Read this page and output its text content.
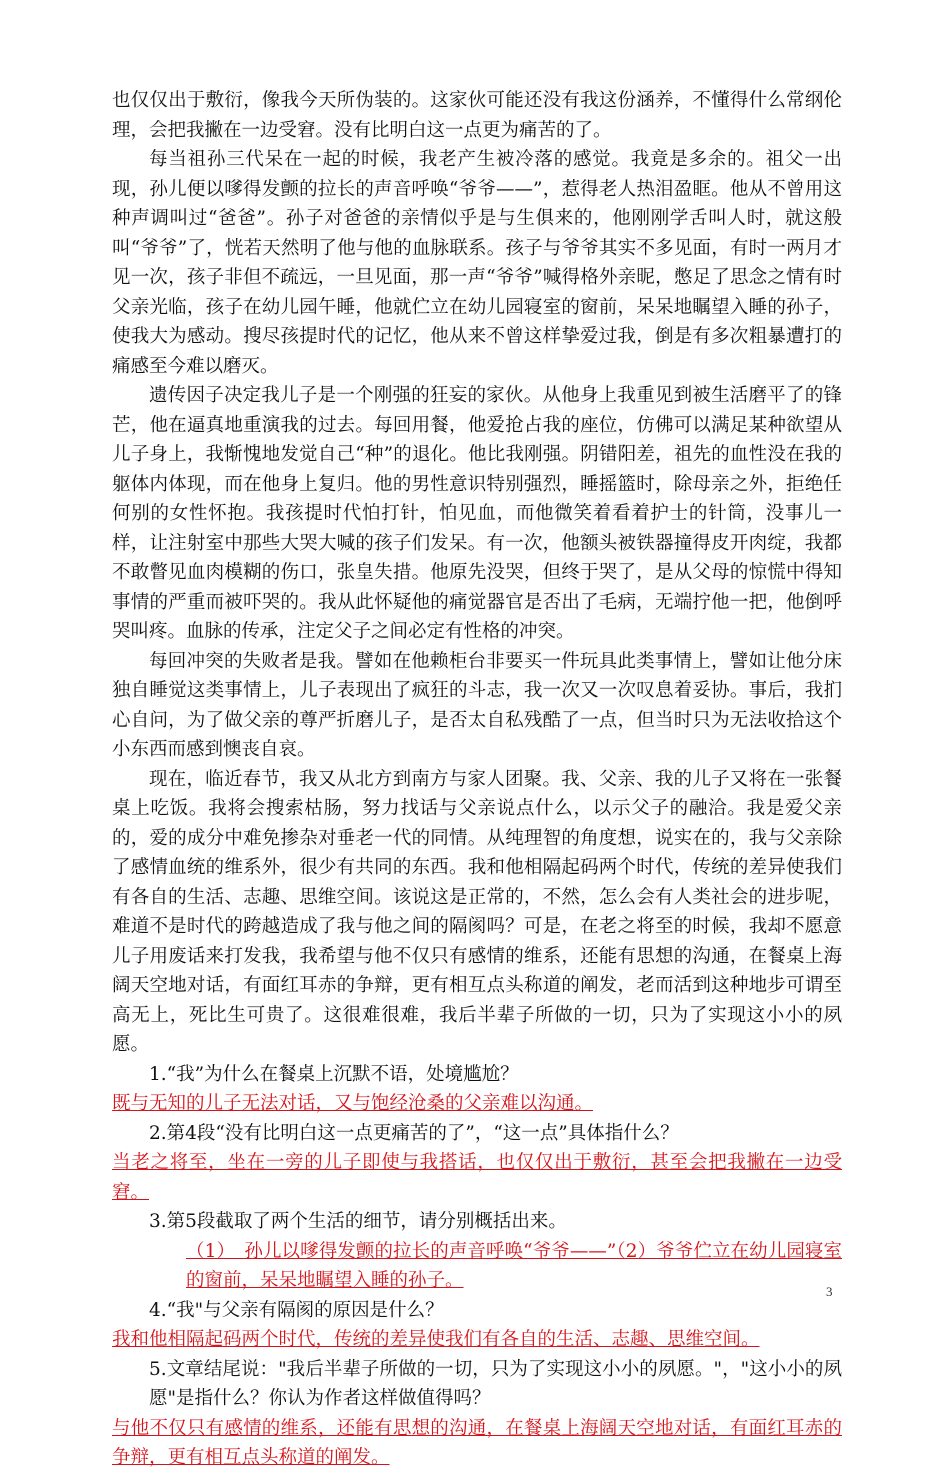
也仅仅出于敷衍，像我今天所伪装的。这家伙可能还没有我这份涵养，不懂得什么常纲伦理，会把我撇在一边受窘。没有比明白这一点更为痛苦的了。

每当祖孙三代呆在一起的时候，我老产生被冷落的感觉。我竟是多余的。祖父一出现，孙儿便以嗲得发颤的拉长的声音呼唤“爷爷——”，惹得老人热泪盈眶。他从不曾用这种声调叫过“爸爸”。孙子对爸爸的亲情似乎是与生俱来的，他刚刚学舌叫人时，就这般叫“爷爷”了，恍若天然明了他与他的血脉联系。孩子与爷爷其实不多见面，有时一两月才见一次，孩子非但不疏远，一旦见面，那一声“爷爷”喊得格外亲昵，憋足了思念之情有时父亲光临，孩子在幼儿园午睡，他就伫立在幼儿园寝室的窗前，呆呆地瞩望入睡的孙子，使我大为感动。搜尽孩提时代的记忆，他从来不曾这样挚爱过我，倒是有多次粗暴遭打的痛感至今难以磨灭。

遗传因子决定我儿子是一个刚强的狂妄的家伙。从他身上我重见到被生活磨平了的锋芒，他在逼真地重演我的过去。每回用餐，他爱抢占我的座位，仿佛可以满足某种欲望从儿子身上，我惭愧地发觉自己“种”的退化。他比我刚强。阴错阳差，祖先的血性没在我的躯体内体现，而在他身上复归。他的男性意识特别强烈，睡摇篮时，除母亲之外，拒绝任何别的女性怀抱。我孩提时代怕打针，怕见血，而他微笑着看着护士的针筒，没事儿一样，让注射室中那些大哭大喊的孩子们发呆。有一次，他额头被铁器撞得皮开肉绽，我都不敢瞥见血肉模糊的伤口，张皇失措。他原先没哭，但终于哭了，是从父母的惊慌中得知事情的严重而被吓哭的。我从此怀疑他的痛觉器官是否出了毛病，无端拧他一把，他倒呼哭叫疼。血脉的传承，注定父子之间必定有性格的冲突。

每回冲突的失败者是我。譬如在他赖柜台非要买一件玩具此类事情上，譬如让他分床独自睡觉这类事情上，儿子表现出了疯狂的斗志，我一次又一次叹息着妥协。事后，我扪心自问，为了做父亲的尊严折磨儿子，是否太自私残酷了一点，但当时只为无法收拾这个小东西而感到懊丧自哀。

现在，临近春节，我又从北方到南方与家人团聚。我、父亲、我的儿子又将在一张餐桌上吃饭。我将会搜索枯肠，努力找话与父亲说点什么，以示父子的融洽。我是爱父亲的，爱的成分中难免掺杂对垂老一代的同情。从纯理智的角度想，说实在的，我与父亲除了感情血统的维系外，很少有共同的东西。我和他相隔起码两个时代，传统的差异使我们有各自的生活、志趣、思维空间。该说这是正常的，不然，怎么会有人类社会的进步呢，难道不是时代的跨越造成了我与他之间的隔阂吗？可是，在老之将至的时候，我却不愿意儿子用废话来打发我，我希望与他不仅只有感情的维系，还能有思想的沟通，在餐桌上海阔天空地对话，有面红耳赤的争辩，更有相互点头称道的阐发，老而活到这种地步可谓至高无上，死比生可贵了。这很难很难，我后半辈子所做的一切，只为了实现这小小的夙愿。

1.“我”为什么在餐桌上沉默不语，处境尴尬？

既与无知的儿子无法对话，又与饱经沧桑的父亲难以沟通。

2.第4段“没有比明白这一点更痛苦的了”，“这一点”具体指什么？

当老之将至，坐在一旁的儿子即使与我搭话，也仅仅出于敷衍，甚至会把我撇在一边受窘。

3.第5段截取了两个生活的细节，请分别概括出来。

（1）　孙儿以嗲得发颤的拉长的声音呼唤“爷爷——”（2）爷爷伫立在幼儿园寝室的窗前，呆呆地瞩望入睡的孙子。

4.“我"与父亲有隔阂的原因是什么？

我和他相隔起码两个时代，传统的差异使我们有各自的生活、志趣、思维空间。

5.文章结尾说："我后半辈子所做的一切，只为了实现这小小的夙愿。"，"这小小的夙愿"是指什么？你认为作者这样做值得吗？

与他不仅只有感情的维系，还能有思想的沟通，在餐桌上海阔天空地对话，有面红耳赤的争辩，更有相互点头称道的阐发。

3
